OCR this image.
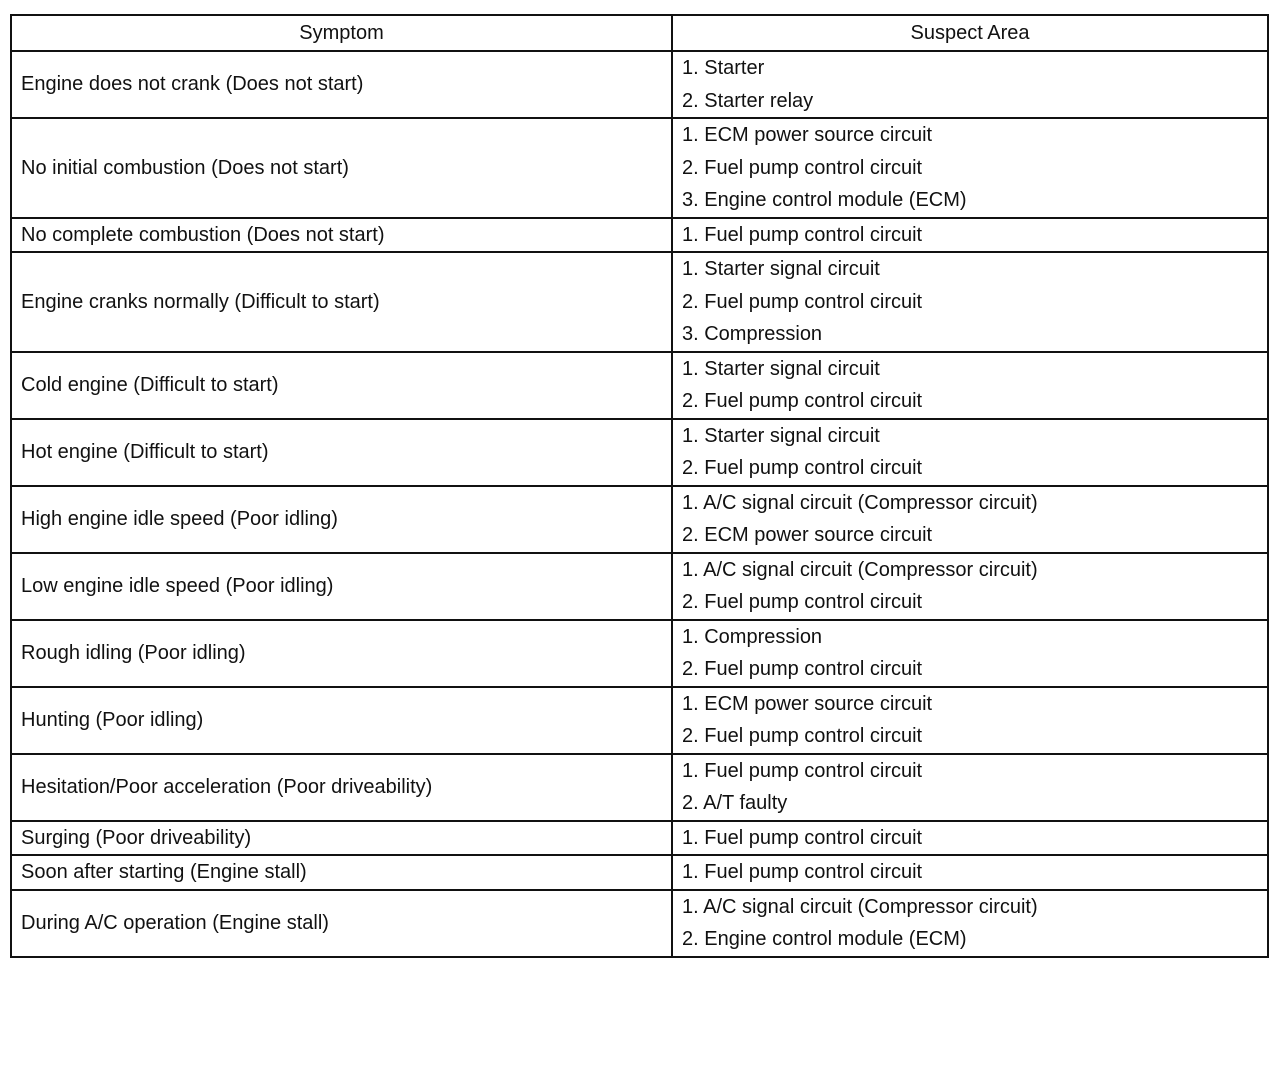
Symptom	Suspect Area
Engine does not crank (Does not start)	1. Starter
2. Starter relay

No initial combustion (Does not start)	1. ECM power source circuit
2. Fuel pump control circuit
3. Engine control module (ECM)

No complete combustion (Does not start)	1. Fuel pump control circuit

Engine cranks normally (Difficult to start)	1. Starter signal circuit
2. Fuel pump control circuit
3. Compression

Cold engine (Difficult to start)	1. Starter signal circuit
2. Fuel pump control circuit

Hot engine (Difficult to start)	1. Starter signal circuit
2. Fuel pump control circuit

High engine idle speed (Poor idling)	1. A/C signal circuit (Compressor circuit)
2. ECM power source circuit

Low engine idle speed (Poor idling)	1. A/C signal circuit (Compressor circuit)
2. Fuel pump control circuit

Rough idling (Poor idling)	1. Compression
2. Fuel pump control circuit

Hunting (Poor idling)	1. ECM power source circuit
2. Fuel pump control circuit

Hesitation/Poor acceleration (Poor driveability)	1. Fuel pump control circuit
2. A/T faulty

Surging (Poor driveability)	1. Fuel pump control circuit

Soon after starting (Engine stall)	1. Fuel pump control circuit

During A/C operation (Engine stall)	1. A/C signal circuit (Compressor circuit)
2. Engine control module (ECM)
